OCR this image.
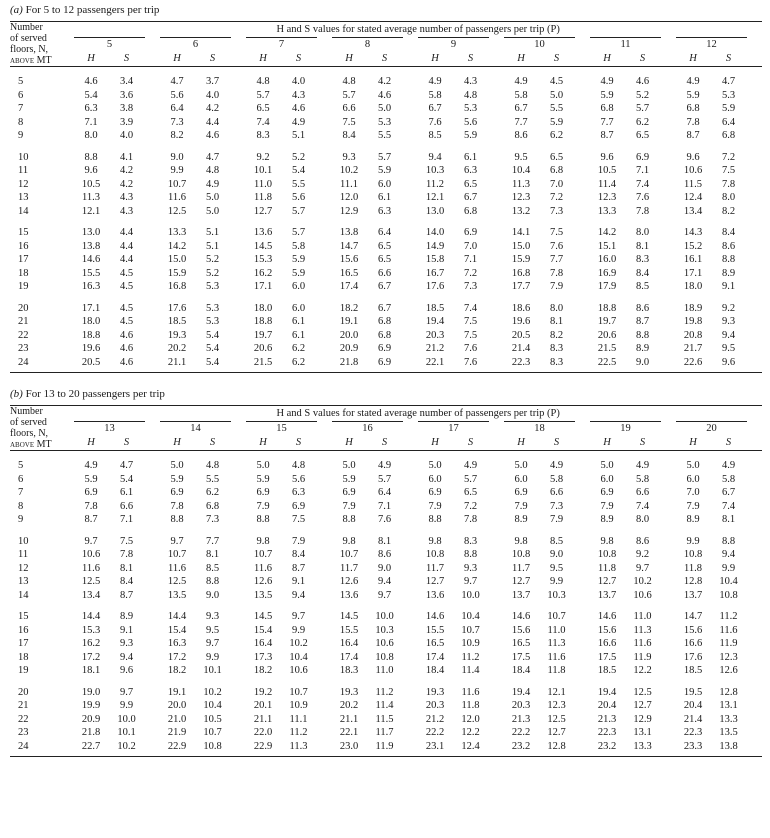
(a) For 5 to 12 passengers per trip
Number
of served
floors, N,
above MT	H and S values for stated average number of passengers per trip (P)																							
	5			6			7			8			9			10			11			12		
	H	S		H	S		H	S		H	S		H	S		H	S		H	S		H	S	

5	4.6	3.4		4.7	3.7		4.8	4.0		4.8	4.2		4.9	4.3		4.9	4.5		4.9	4.6		4.9	4.7	
6	5.4	3.6		5.6	4.0		5.7	4.3		5.7	4.6		5.8	4.8		5.8	5.0		5.9	5.2		5.9	5.3	
7	6.3	3.8		6.4	4.2		6.5	4.6		6.6	5.0		6.7	5.3		6.7	5.5		6.8	5.7		6.8	5.9	
8	7.1	3.9		7.3	4.4		7.4	4.9		7.5	5.3		7.6	5.6		7.7	5.9		7.7	6.2		7.8	6.4	
9	8.0	4.0		8.2	4.6		8.3	5.1		8.4	5.5		8.5	5.9		8.6	6.2		8.7	6.5		8.7	6.8	

10	8.8	4.1		9.0	4.7		9.2	5.2		9.3	5.7		9.4	6.1		9.5	6.5		9.6	6.9		9.6	7.2	
11	9.6	4.2		9.9	4.8		10.1	5.4		10.2	5.9		10.3	6.3		10.4	6.8		10.5	7.1		10.6	7.5	
12	10.5	4.2		10.7	4.9		11.0	5.5		11.1	6.0		11.2	6.5		11.3	7.0		11.4	7.4		11.5	7.8	
13	11.3	4.3		11.6	5.0		11.8	5.6		12.0	6.1		12.1	6.7		12.3	7.2		12.3	7.6		12.4	8.0	
14	12.1	4.3		12.5	5.0		12.7	5.7		12.9	6.3		13.0	6.8		13.2	7.3		13.3	7.8		13.4	8.2	

15	13.0	4.4		13.3	5.1		13.6	5.7		13.8	6.4		14.0	6.9		14.1	7.5		14.2	8.0		14.3	8.4	
16	13.8	4.4		14.2	5.1		14.5	5.8		14.7	6.5		14.9	7.0		15.0	7.6		15.1	8.1		15.2	8.6	
17	14.6	4.4		15.0	5.2		15.3	5.9		15.6	6.5		15.8	7.1		15.9	7.7		16.0	8.3		16.1	8.8	
18	15.5	4.5		15.9	5.2		16.2	5.9		16.5	6.6		16.7	7.2		16.8	7.8		16.9	8.4		17.1	8.9	
19	16.3	4.5		16.8	5.3		17.1	6.0		17.4	6.7		17.6	7.3		17.7	7.9		17.9	8.5		18.0	9.1	

20	17.1	4.5		17.6	5.3		18.0	6.0		18.2	6.7		18.5	7.4		18.6	8.0		18.8	8.6		18.9	9.2	
21	18.0	4.5		18.5	5.3		18.8	6.1		19.1	6.8		19.4	7.5		19.6	8.1		19.7	8.7		19.8	9.3	
22	18.8	4.6		19.3	5.4		19.7	6.1		20.0	6.8		20.3	7.5		20.5	8.2		20.6	8.8		20.8	9.4	
23	19.6	4.6		20.2	5.4		20.6	6.2		20.9	6.9		21.2	7.6		21.4	8.3		21.5	8.9		21.7	9.5	
24	20.5	4.6		21.1	5.4		21.5	6.2		21.8	6.9		22.1	7.6		22.3	8.3		22.5	9.0		22.6	9.6	

(b) For 13 to 20 passengers per trip
Number
of served
floors, N,
above MT	H and S values for stated average number of passengers per trip (P)																							
	13			14			15			16			17			18			19			20		
	H	S		H	S		H	S		H	S		H	S		H	S		H	S		H	S	

5	4.9	4.7		5.0	4.8		5.0	4.8		5.0	4.9		5.0	4.9		5.0	4.9		5.0	4.9		5.0	4.9	
6	5.9	5.4		5.9	5.5		5.9	5.6		5.9	5.7		6.0	5.7		6.0	5.8		6.0	5.8		6.0	5.8	
7	6.9	6.1		6.9	6.2		6.9	6.3		6.9	6.4		6.9	6.5		6.9	6.6		6.9	6.6		7.0	6.7	
8	7.8	6.6		7.8	6.8		7.9	6.9		7.9	7.1		7.9	7.2		7.9	7.3		7.9	7.4		7.9	7.4	
9	8.7	7.1		8.8	7.3		8.8	7.5		8.8	7.6		8.8	7.8		8.9	7.9		8.9	8.0		8.9	8.1	

10	9.7	7.5		9.7	7.7		9.8	7.9		9.8	8.1		9.8	8.3		9.8	8.5		9.8	8.6		9.9	8.8	
11	10.6	7.8		10.7	8.1		10.7	8.4		10.7	8.6		10.8	8.8		10.8	9.0		10.8	9.2		10.8	9.4	
12	11.6	8.1		11.6	8.5		11.6	8.7		11.7	9.0		11.7	9.3		11.7	9.5		11.8	9.7		11.8	9.9	
13	12.5	8.4		12.5	8.8		12.6	9.1		12.6	9.4		12.7	9.7		12.7	9.9		12.7	10.2		12.8	10.4	
14	13.4	8.7		13.5	9.0		13.5	9.4		13.6	9.7		13.6	10.0		13.7	10.3		13.7	10.6		13.7	10.8	

15	14.4	8.9		14.4	9.3		14.5	9.7		14.5	10.0		14.6	10.4		14.6	10.7		14.6	11.0		14.7	11.2	
16	15.3	9.1		15.4	9.5		15.4	9.9		15.5	10.3		15.5	10.7		15.6	11.0		15.6	11.3		15.6	11.6	
17	16.2	9.3		16.3	9.7		16.4	10.2		16.4	10.6		16.5	10.9		16.5	11.3		16.6	11.6		16.6	11.9	
18	17.2	9.4		17.2	9.9		17.3	10.4		17.4	10.8		17.4	11.2		17.5	11.6		17.5	11.9		17.6	12.3	
19	18.1	9.6		18.2	10.1		18.2	10.6		18.3	11.0		18.4	11.4		18.4	11.8		18.5	12.2		18.5	12.6	

20	19.0	9.7		19.1	10.2		19.2	10.7		19.3	11.2		19.3	11.6		19.4	12.1		19.4	12.5		19.5	12.8	
21	19.9	9.9		20.0	10.4		20.1	10.9		20.2	11.4		20.3	11.8		20.3	12.3		20.4	12.7		20.4	13.1	
22	20.9	10.0		21.0	10.5		21.1	11.1		21.1	11.5		21.2	12.0		21.3	12.5		21.3	12.9		21.4	13.3	
23	21.8	10.1		21.9	10.7		22.0	11.2		22.1	11.7		22.2	12.2		22.2	12.7		22.3	13.1		22.3	13.5	
24	22.7	10.2		22.9	10.8		22.9	11.3		23.0	11.9		23.1	12.4		23.2	12.8		23.2	13.3		23.3	13.8	
